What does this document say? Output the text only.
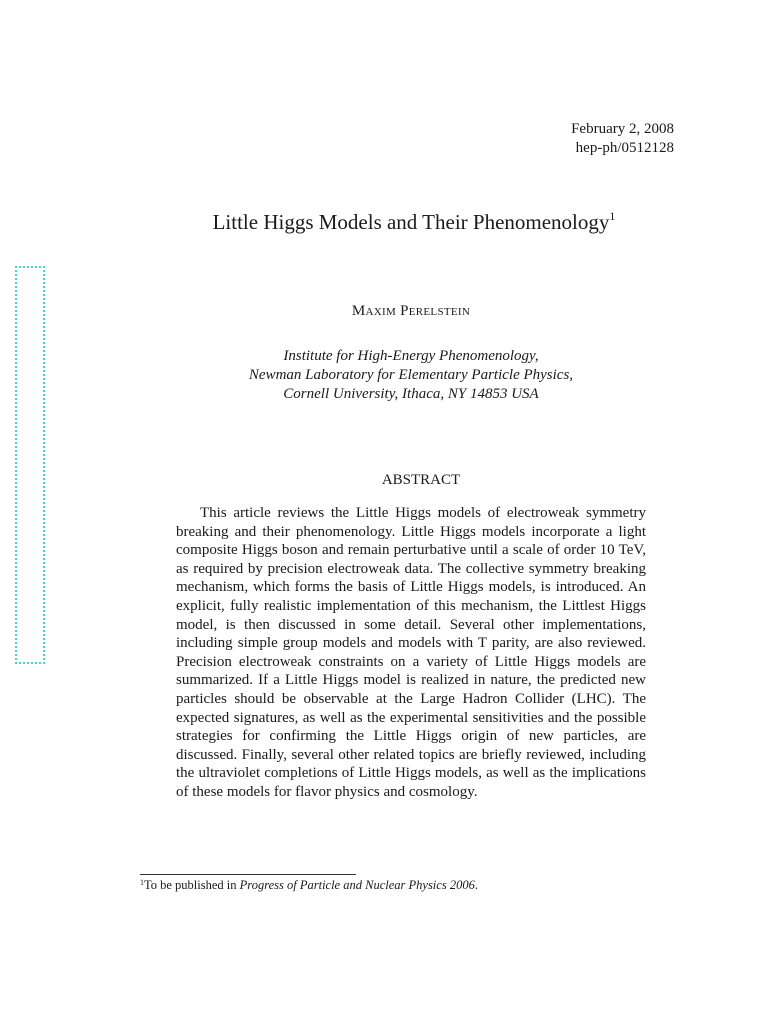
February 2, 2008
hep-ph/0512128
Little Higgs Models and Their Phenomenology$^1$
Maxim Perelstein
Institute for High-Energy Phenomenology,
Newman Laboratory for Elementary Particle Physics,
Cornell University, Ithaca, NY 14853 USA
ABSTRACT
This article reviews the Little Higgs models of electroweak symmetry breaking and their phenomenology. Little Higgs models incorporate a light composite Higgs boson and remain perturbative until a scale of order 10 TeV, as required by precision electroweak data. The collective symmetry breaking mechanism, which forms the basis of Little Higgs models, is introduced. An explicit, fully realistic implementation of this mechanism, the Littlest Higgs model, is then discussed in some detail. Several other implementations, including simple group models and models with T parity, are also reviewed. Precision electroweak constraints on a variety of Little Higgs models are summarized. If a Little Higgs model is realized in nature, the predicted new particles should be observable at the Large Hadron Collider (LHC). The expected signatures, as well as the experimental sensitivities and the possible strategies for confirming the Little Higgs origin of new particles, are discussed. Finally, several other related topics are briefly reviewed, including the ultraviolet completions of Little Higgs models, as well as the implications of these models for flavor physics and cosmology.
$^1$To be published in Progress of Particle and Nuclear Physics 2006.
